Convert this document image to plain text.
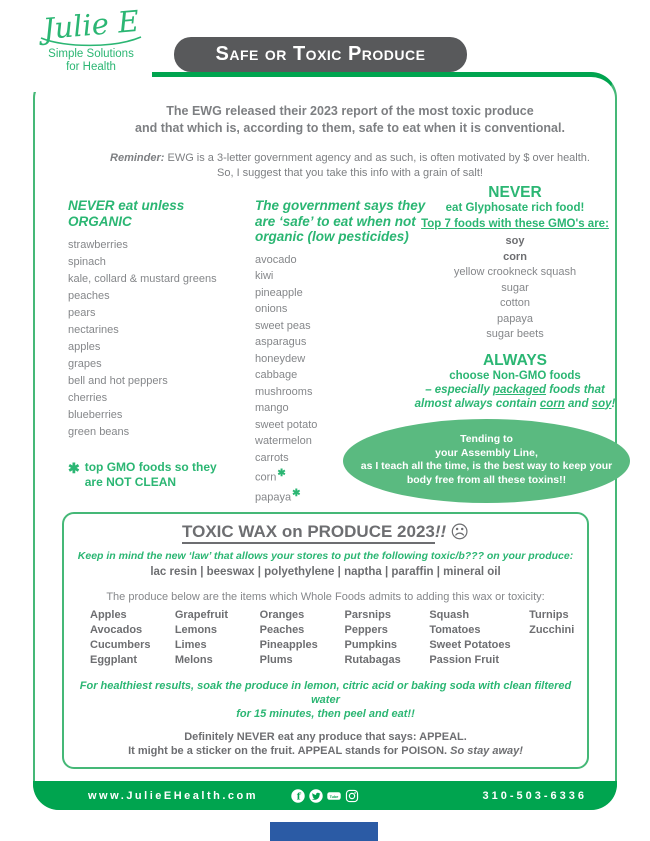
www.JulieEHealth.com f	Tube	310-503-6336
Julie E
Simple Solutions
for Health
Safe or Toxic Produce
The EWG released their 2023 report of the most toxic produce
and that which is, according to them, safe to eat when it is conventional.
Reminder: EWG is a 3-letter government agency and as such, is often motivated by $ over health.
So, I suggest that you take this info with a grain of salt!
NEVER eat unless
ORGANIC
strawberries
spinach
kale, collard & mustard greens
peaches
pears
nectarines
apples
grapes
bell and hot peppers
cherries
blueberries
green beans
✱ top GMO foods so they
are NOT CLEAN
The government says they
are ‘safe’ to eat when not
organic (low pesticides)
avocado
kiwi
pineapple
onions
sweet peas
asparagus
honeydew
cabbage
mushrooms
mango
sweet potato
watermelon
carrots
corn✱
papaya✱
NEVER
eat Glyphosate rich food!
Top 7 foods with these GMO's are:
soy
corn
yellow crookneck squash
sugar
cotton
papaya
sugar beets
ALWAYS
choose Non-GMO foods
– especially packaged foods that
almost always contain corn and soy!
Tending to
your Assembly Line,
as I teach all the time, is the best way to keep your
body free from all these toxins!!
TOXIC WAX on PRODUCE 2023!! ☹
Keep in mind the new ‘law’ that allows your stores to put the following toxic/b??? on your produce:
lac resin | beeswax | polyethylene | naptha | paraffin | mineral oil
The produce below are the items which Whole Foods admits to adding this wax or toxicity:
Apples
Avocados
Cucumbers
Eggplant
Grapefruit
Lemons
Limes
Melons
Oranges
Peaches
Pineapples
Plums
Parsnips
Peppers
Pumpkins
Rutabagas
Squash
Tomatoes
Sweet Potatoes
Passion Fruit
Turnips
Zucchini
For healthiest results, soak the produce in lemon, citric acid or baking soda with clean filtered water
for 15 minutes, then peel and eat!!
Definitely NEVER eat any produce that says: APPEAL.
It might be a sticker on the fruit. APPEAL stands for POISON. So stay away!
